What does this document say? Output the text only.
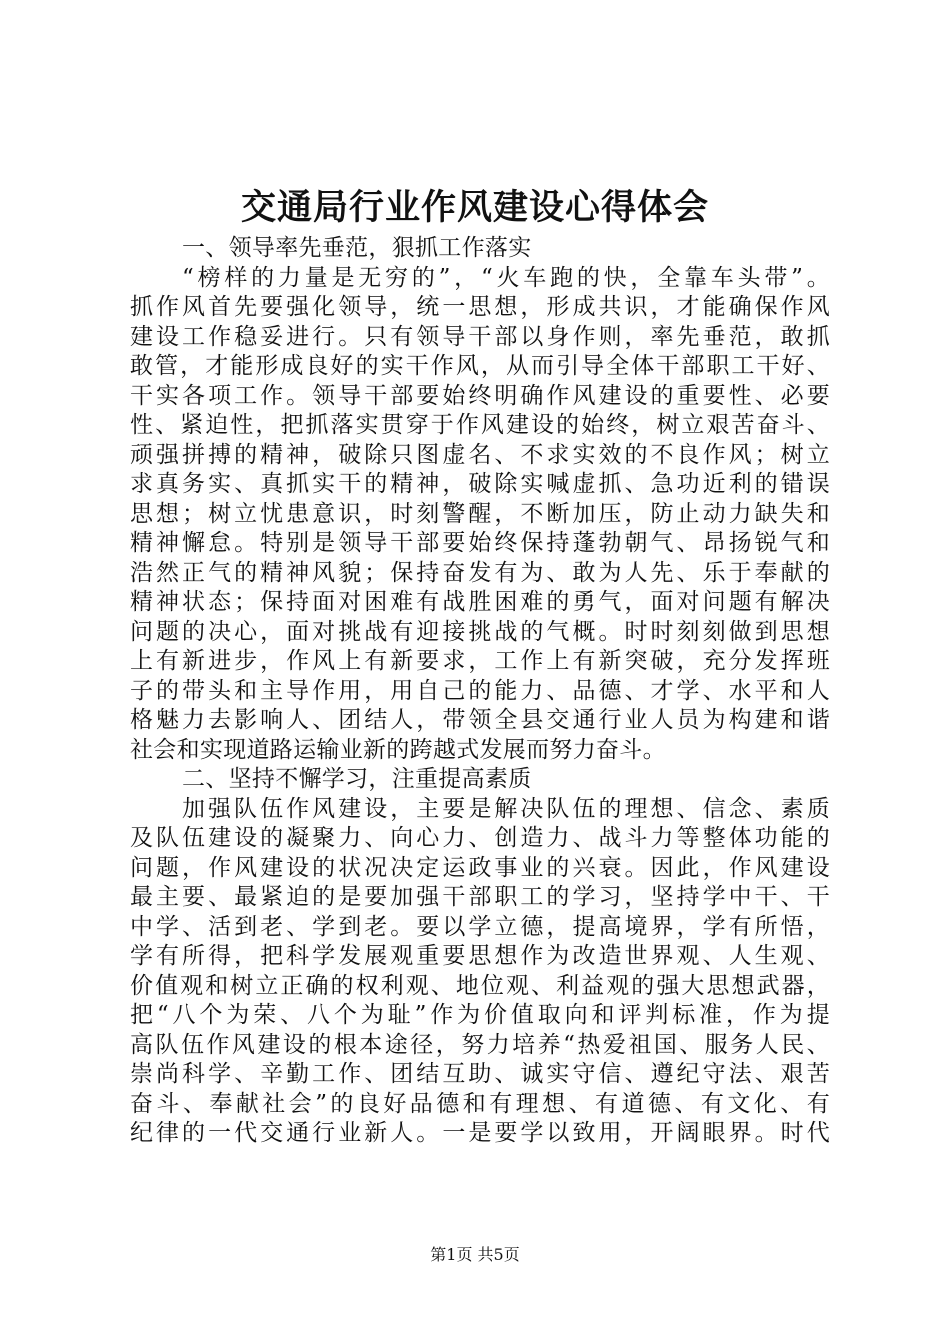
交通局行业作风建设心得体会
一、领导率先垂范，狠抓工作落实
“榜样的力量是无穷的”，“火车跑的快，全靠车头带”。
抓作风首先要强化领导，统一思想，形成共识，才能确保作风
建设工作稳妥进行。只有领导干部以身作则，率先垂范，敢抓
敢管，才能形成良好的实干作风，从而引导全体干部职工干好、
干实各项工作。领导干部要始终明确作风建设的重要性、必要
性、紧迫性，把抓落实贯穿于作风建设的始终，树立艰苦奋斗、
顽强拼搏的精神，破除只图虚名、不求实效的不良作风；树立
求真务实、真抓实干的精神，破除实喊虚抓、急功近利的错误
思想；树立忧患意识，时刻警醒，不断加压，防止动力缺失和
精神懈怠。特别是领导干部要始终保持蓬勃朝气、昂扬锐气和
浩然正气的精神风貌；保持奋发有为、敢为人先、乐于奉献的
精神状态；保持面对困难有战胜困难的勇气，面对问题有解决
问题的决心，面对挑战有迎接挑战的气概。时时刻刻做到思想
上有新进步，作风上有新要求，工作上有新突破，充分发挥班
子的带头和主导作用，用自己的能力、品德、才学、水平和人
格魅力去影响人、团结人，带领全县交通行业人员为构建和谐
社会和实现道路运输业新的跨越式发展而努力奋斗。
二、坚持不懈学习，注重提高素质
加强队伍作风建设，主要是解决队伍的理想、信念、素质
及队伍建设的凝聚力、向心力、创造力、战斗力等整体功能的
问题，作风建设的状况决定运政事业的兴衰。因此，作风建设
最主要、最紧迫的是要加强干部职工的学习，坚持学中干、干
中学、活到老、学到老。要以学立德，提高境界，学有所悟，
学有所得，把科学发展观重要思想作为改造世界观、人生观、
价值观和树立正确的权利观、地位观、利益观的强大思想武器，
把“八个为荣、八个为耻”作为价值取向和评判标准，作为提
高队伍作风建设的根本途径，努力培养“热爱祖国、服务人民、
崇尚科学、辛勤工作、团结互助、诚实守信、遵纪守法、艰苦
奋斗、奉献社会”的良好品德和有理想、有道德、有文化、有
纪律的一代交通行业新人。一是要学以致用，开阔眼界。时代
第1页 共5页
